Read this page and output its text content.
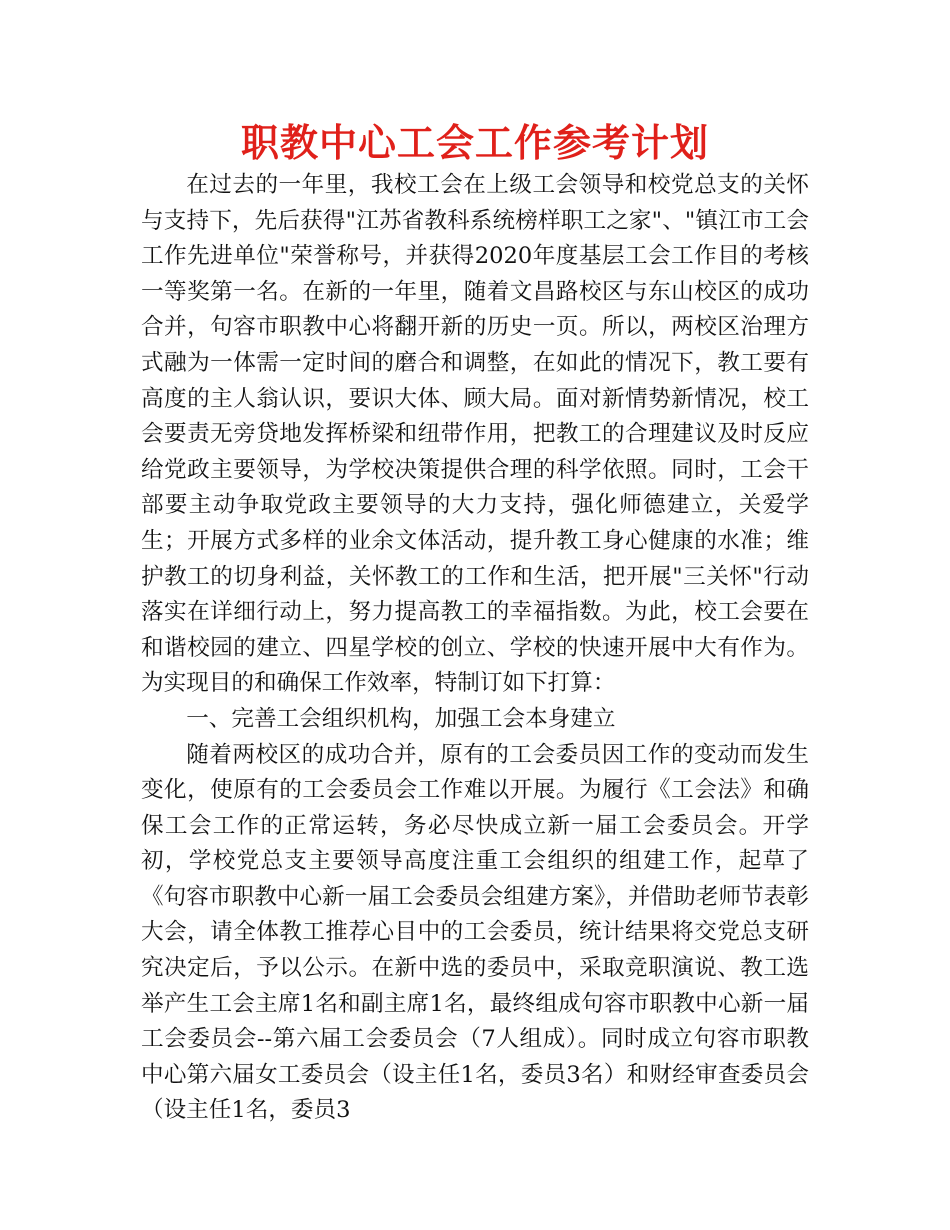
职教中心工会工作参考计划

在过去的一年里，我校工会在上级工会领导和校党总支的关怀与支持下，先后获得"江苏省教科系统榜样职工之家"、"镇江市工会工作先进单位"荣誉称号，并获得2020年度基层工会工作目的考核一等奖第一名。在新的一年里，随着文昌路校区与东山校区的成功合并，句容市职教中心将翻开新的历史一页。所以，两校区治理方式融为一体需一定时间的磨合和调整，在如此的情况下，教工要有高度的主人翁认识，要识大体、顾大局。面对新情势新情况，校工会要责无旁贷地发挥桥梁和纽带作用，把教工的合理建议及时反应给党政主要领导，为学校决策提供合理的科学依照。同时，工会干部要主动争取党政主要领导的大力支持，强化师德建立，关爱学生；开展方式多样的业余文体活动，提升教工身心健康的水准；维护教工的切身利益，关怀教工的工作和生活，把开展"三关怀"行动落实在详细行动上，努力提高教工的幸福指数。为此，校工会要在和谐校园的建立、四星学校的创立、学校的快速开展中大有作为。为实现目的和确保工作效率，特制订如下打算：

一、完善工会组织机构，加强工会本身建立

随着两校区的成功合并，原有的工会委员因工作的变动而发生变化，使原有的工会委员会工作难以开展。为履行《工会法》和确保工会工作的正常运转，务必尽快成立新一届工会委员会。开学初，学校党总支主要领导高度注重工会组织的组建工作，起草了《句容市职教中心新一届工会委员会组建方案》，并借助老师节表彰大会，请全体教工推荐心目中的工会委员，统计结果将交党总支研究决定后，予以公示。在新中选的委员中，采取竞职演说、教工选举产生工会主席1名和副主席1名，最终组成句容市职教中心新一届工会委员会--第六届工会委员会（7人组成）。同时成立句容市职教中心第六届女工委员会（设主任1名，委员3名）和财经审查委员会（设主任1名，委员3
